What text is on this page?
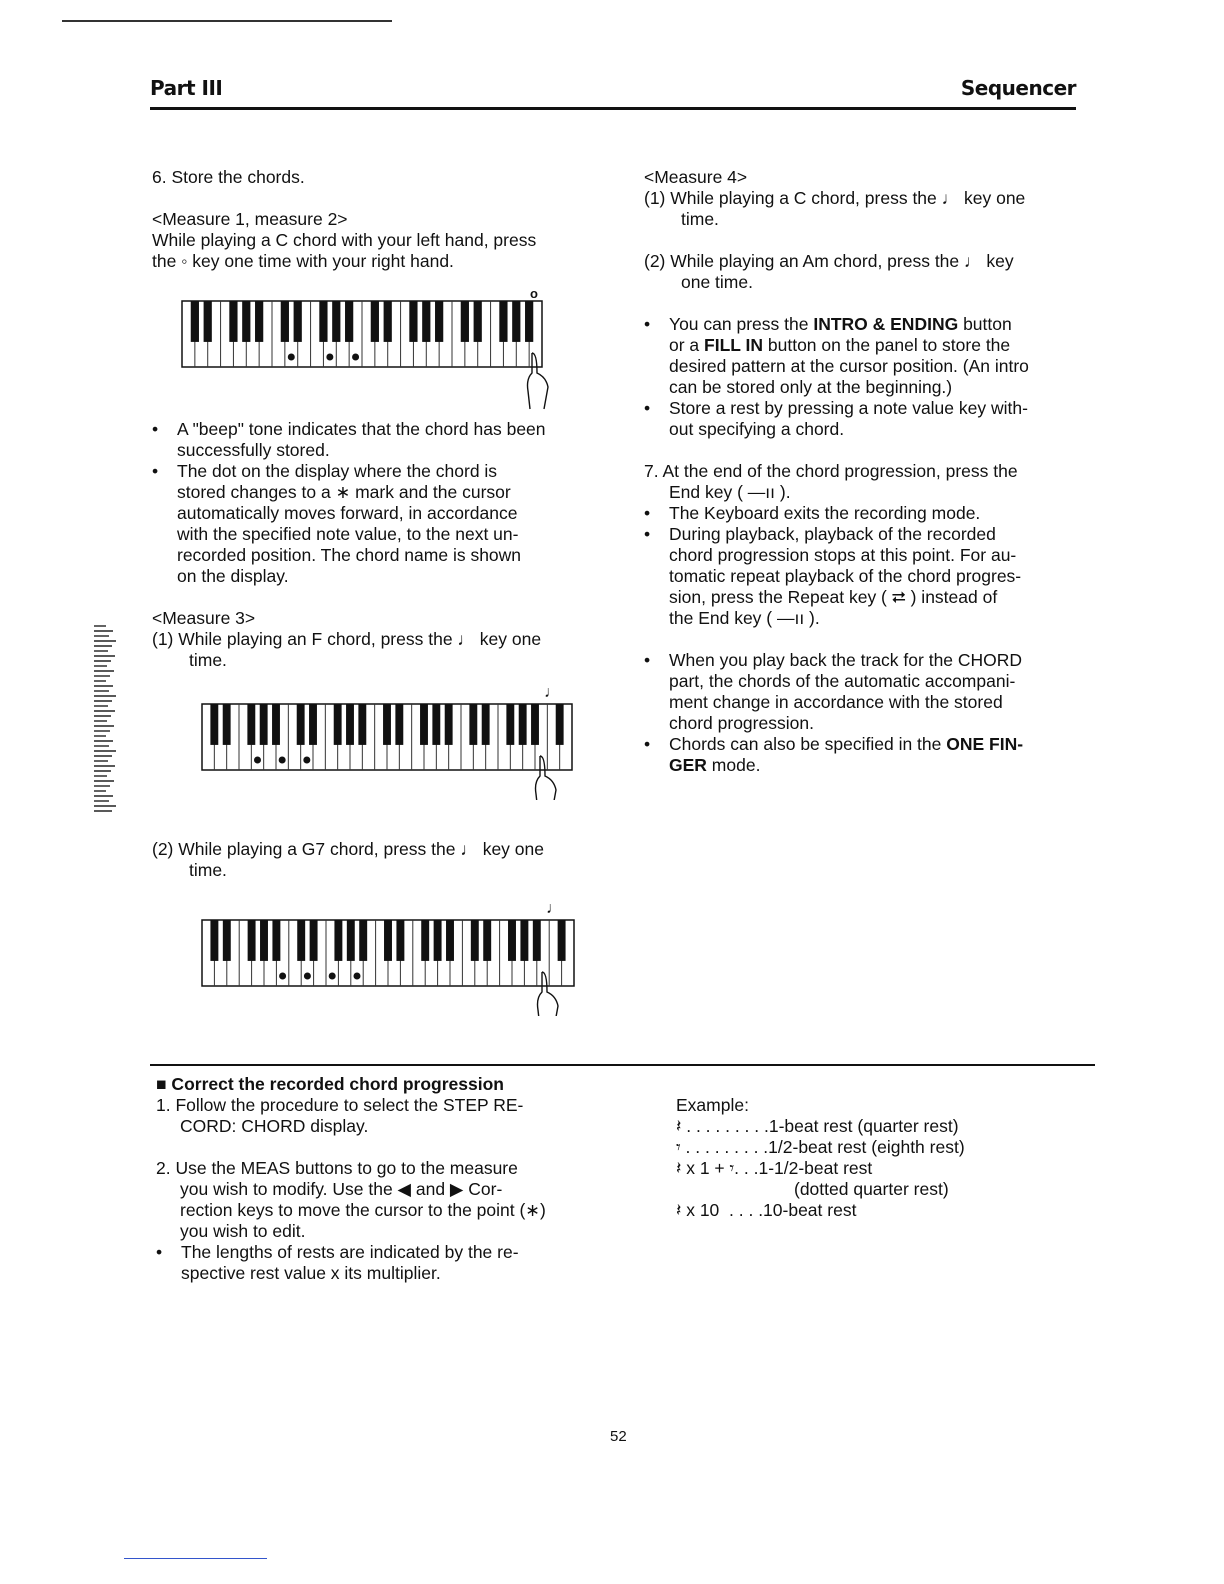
Part III	Sequencer

6. Store the chords.

<Measure 1, measure 2>

While playing a C chord with your left hand, press

the ◦ key one time with your right hand.

o

• A "beep" tone indicates that the chord has been

successfully stored.

• The dot on the display where the chord is

stored changes to a ∗ mark and the cursor

automatically moves forward, in accordance

with the specified note value, to the next un-

recorded position. The chord name is shown

on the display.

<Measure 3>

(1) While playing an F chord, press the ♩ key one

time.

♩

(2) While playing a G7 chord, press the ♩ key one

time.

♩

<Measure 4>

(1) While playing a C chord, press the ♩ key one

time.

(2) While playing an Am chord, press the ♩ key

one time.

• You can press the INTRO & ENDING button

or a FILL IN button on the panel to store the

desired pattern at the cursor position. (An intro

can be stored only at the beginning.)

• Store a rest by pressing a note value key with-

out specifying a chord.

7. At the end of the chord progression, press the

End key ( —ıı ).

• The Keyboard exits the recording mode.

• During playback, playback of the recorded

chord progression stops at this point. For au-

tomatic repeat playback of the chord progres-

sion, press the Repeat key ( ⮂ ) instead of

the End key ( —ıı ).

• When you play back the track for the CHORD

part, the chords of the automatic accompani-

ment change in accordance with the stored

chord progression.

• Chords can also be specified in the ONE FIN-

GER mode.

■ Correct the recorded chord progression

1. Follow the procedure to select the STEP RE-

CORD: CHORD display.

2. Use the MEAS buttons to go to the measure

you wish to modify. Use the ◀ and ▶ Cor-

rection keys to move the cursor to the point (∗)

you wish to edit.

• The lengths of rests are indicated by the re-

spective rest value x its multiplier.

Example:

𝄽 . . . . . . . . .1-beat rest (quarter rest)

𝄾 . . . . . . . . .1/2-beat rest (eighth rest)

𝄽 x 1 + 𝄾. . .1-1/2-beat rest

(dotted quarter rest)

𝄽 x 10  . . . .10-beat rest

52
